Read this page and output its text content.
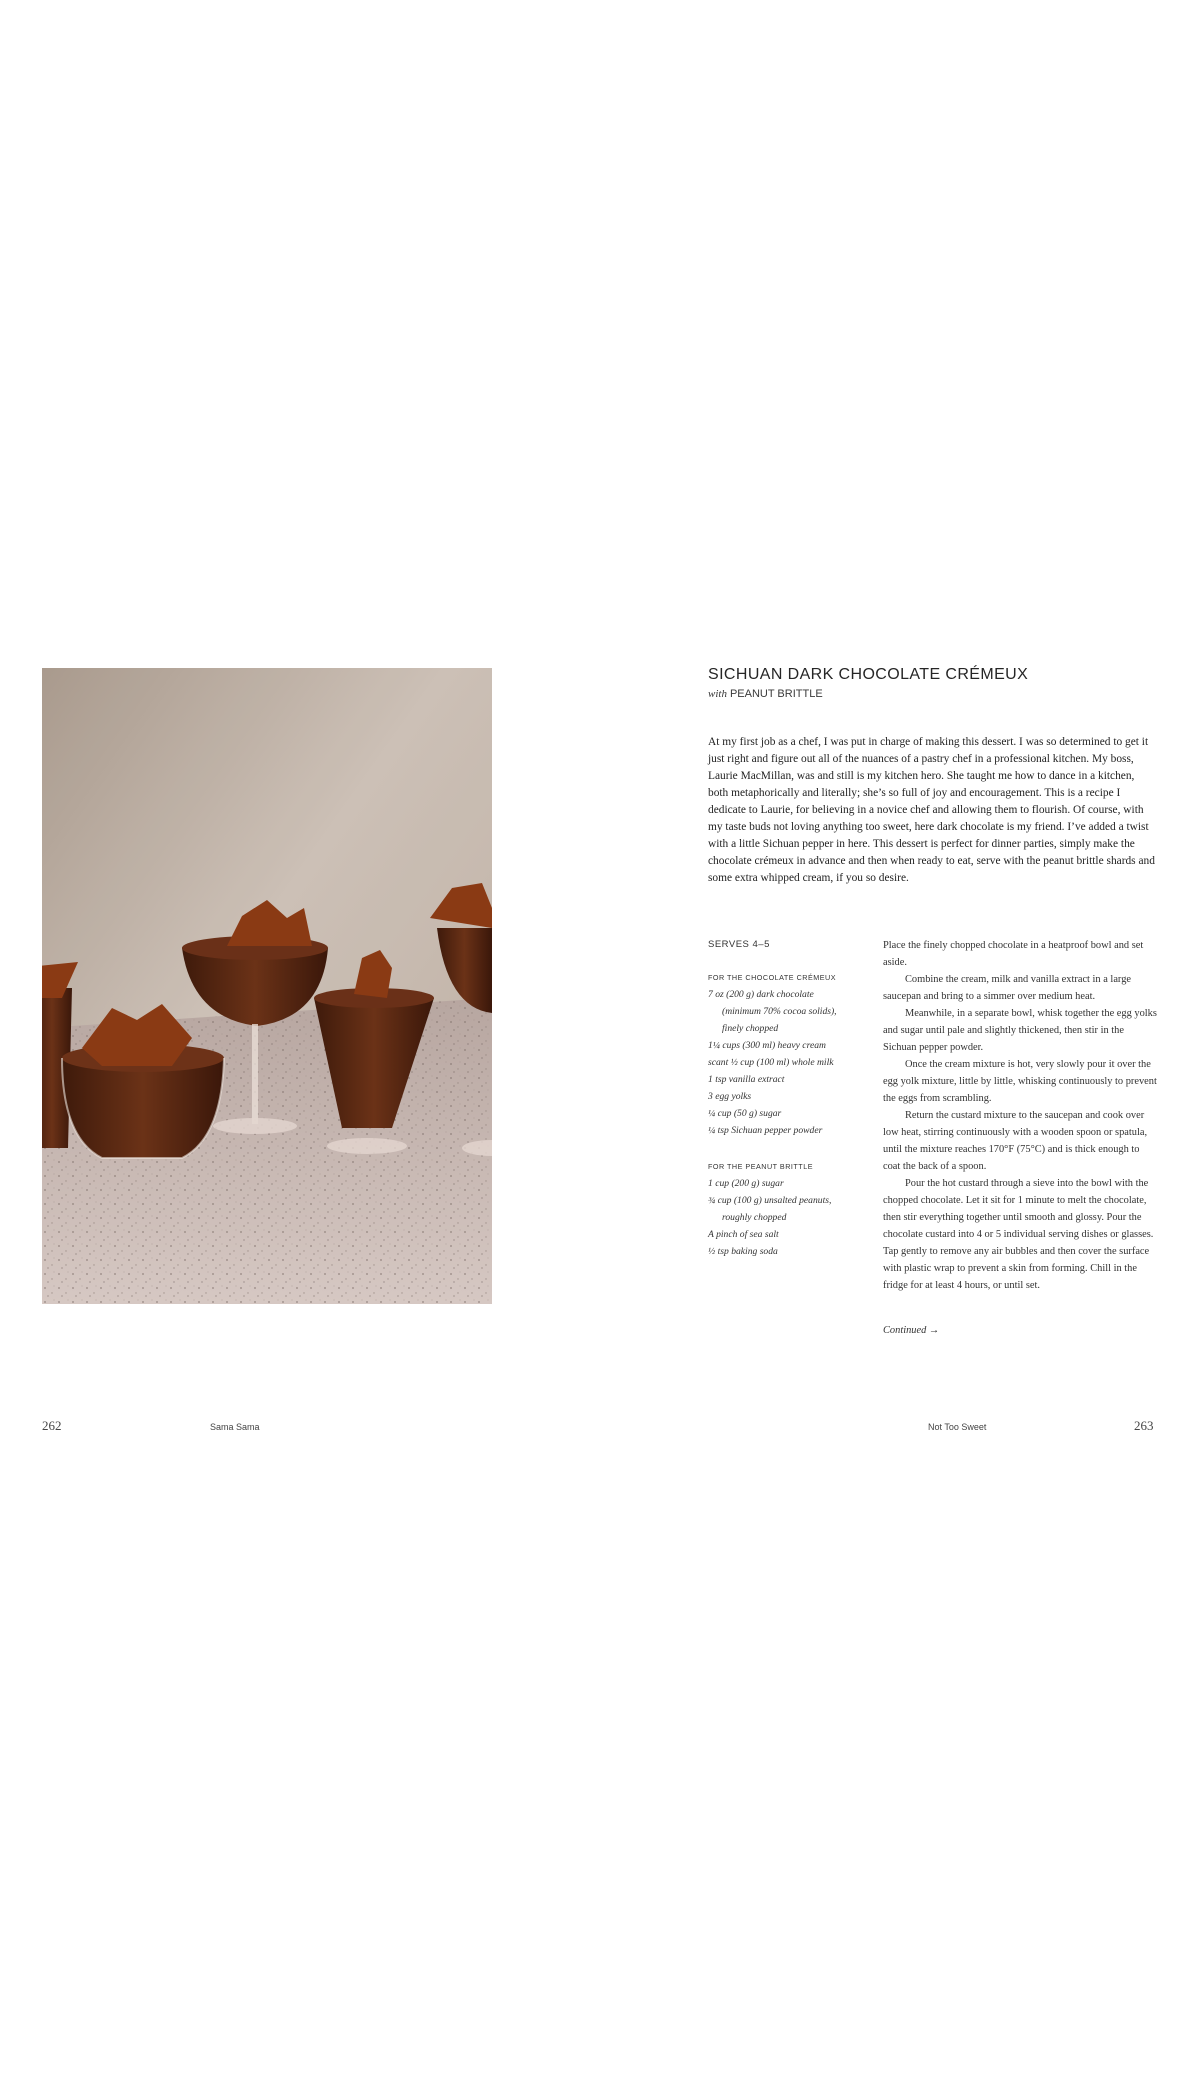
SICHUAN DARK CHOCOLATE CRÉMEUX
with PEANUT BRITTLE

At my first job as a chef, I was put in charge of making this dessert. I was so determined to get it just right and figure out all of the nuances of a pastry chef in a professional kitchen. My boss, Laurie MacMillan, was and still is my kitchen hero. She taught me how to dance in a kitchen, both metaphorically and literally; she’s so full of joy and encouragement. This is a recipe I dedicate to Laurie, for believing in a novice chef and allowing them to flourish. Of course, with my taste buds not loving anything too sweet, here dark chocolate is my friend. I’ve added a twist with a little Sichuan pepper in here. This dessert is perfect for dinner parties, simply make the chocolate crémeux in advance and then when ready to eat, serve with the peanut brittle shards and some extra whipped cream, if you so desire.

SERVES 4–5
FOR THE CHOCOLATE CRÉMEUX
7 oz (200 g) dark chocolate
(minimum 70% cocoa solids),
finely chopped
1¼ cups (300 ml) heavy cream
scant ½ cup (100 ml) whole milk
1 tsp vanilla extract
3 egg yolks
¼ cup (50 g) sugar
¼ tsp Sichuan pepper powder
FOR THE PEANUT BRITTLE
1 cup (200 g) sugar
¾ cup (100 g) unsalted peanuts,
roughly chopped
A pinch of sea salt
½ tsp baking soda

Place the finely chopped chocolate in a heatproof bowl and set aside.

Combine the cream, milk and vanilla extract in a large saucepan and bring to a simmer over medium heat.

Meanwhile, in a separate bowl, whisk together the egg yolks and sugar until pale and slightly thickened, then stir in the Sichuan pepper powder.

Once the cream mixture is hot, very slowly pour it over the egg yolk mixture, little by little, whisking continuously to prevent the eggs from scrambling.

Return the custard mixture to the saucepan and cook over low heat, stirring continuously with a wooden spoon or spatula, until the mixture reaches 170°F (75°C) and is thick enough to coat the back of a spoon.

Pour the hot custard through a sieve into the bowl with the chopped chocolate. Let it sit for 1 minute to melt the chocolate, then stir everything together until smooth and glossy. Pour the chocolate custard into 4 or 5 individual serving dishes or glasses. Tap gently to remove any air bubbles and then cover the surface with plastic wrap to prevent a skin from forming. Chill in the fridge for at least 4 hours, or until set.

Continued →
262	Sama Sama	Not Too Sweet	263
